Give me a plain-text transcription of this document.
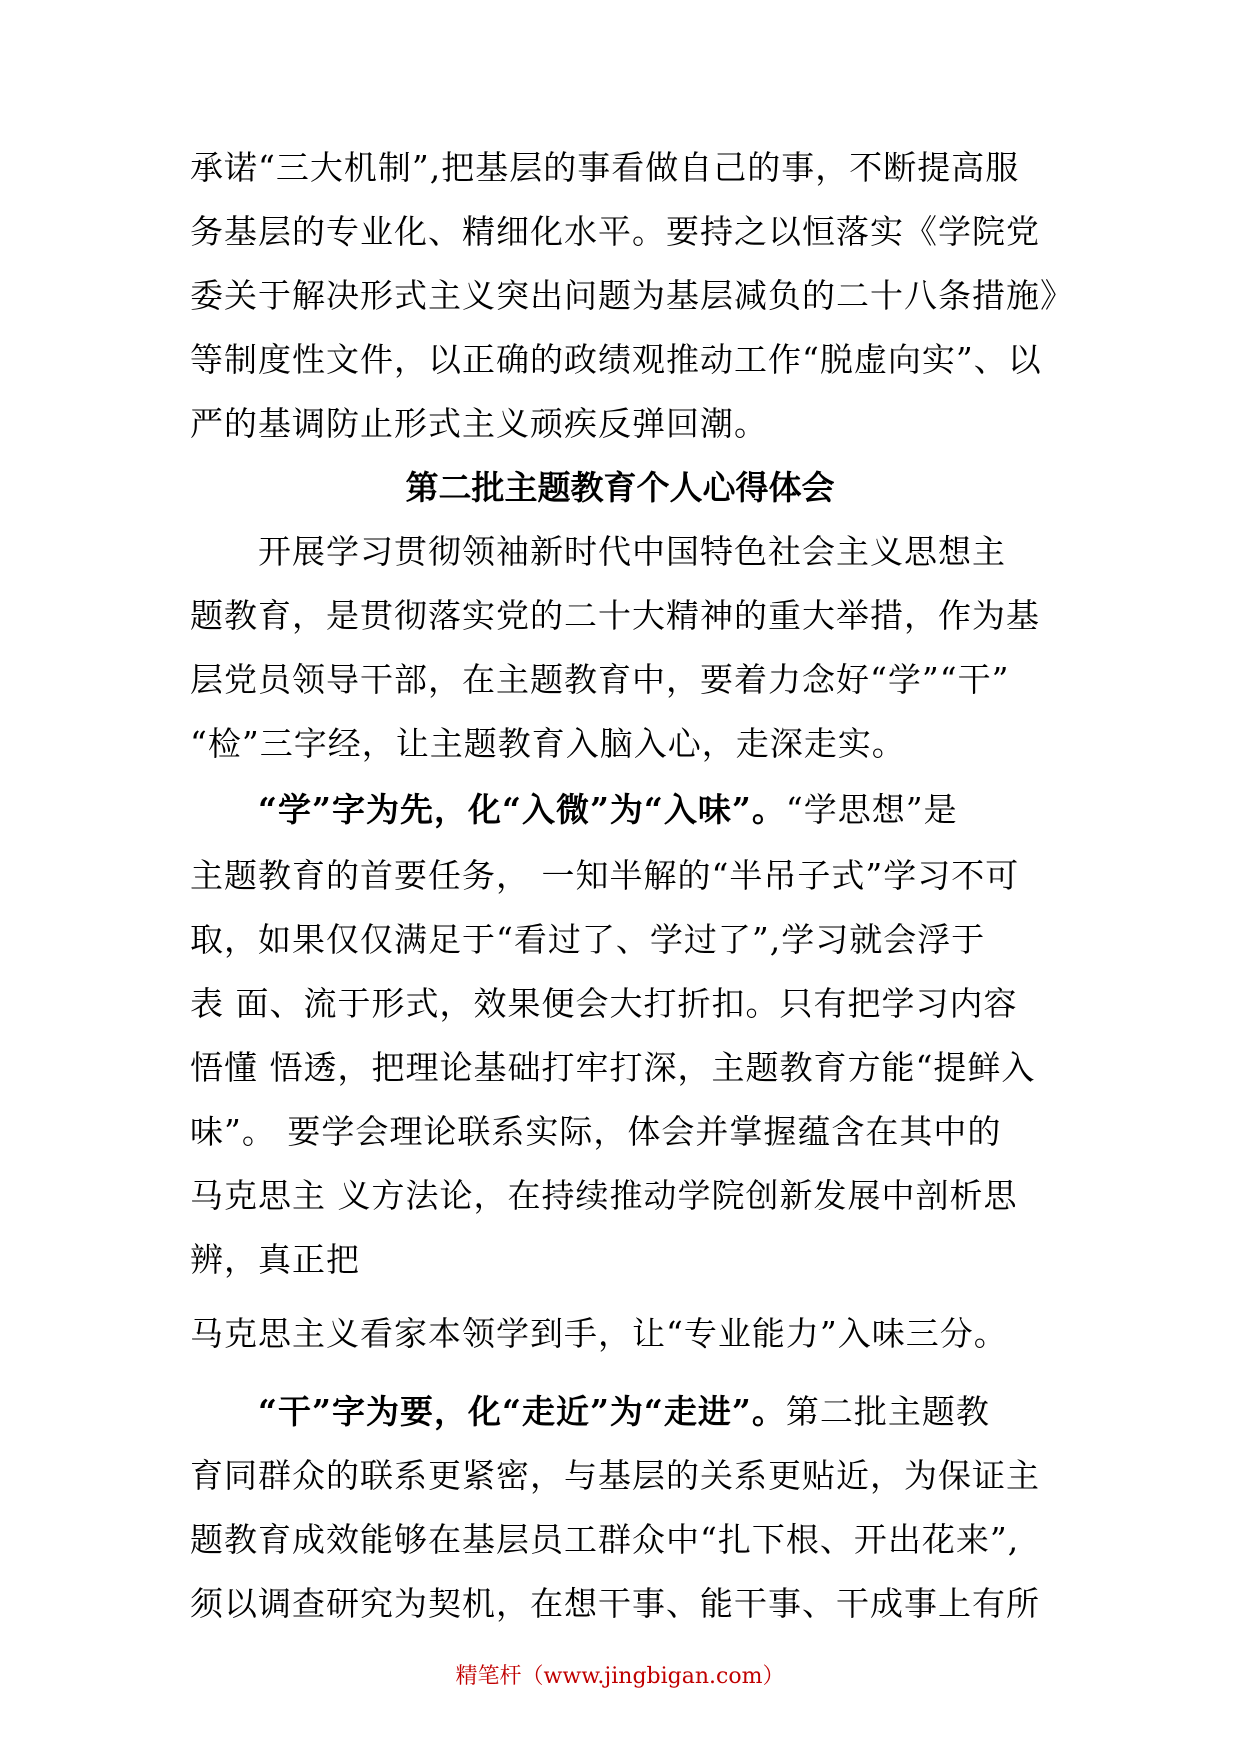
承诺“三大机制”,把基层的事看做自己的事，不断提高服
务基层的专业化、精细化水平。要持之以恒落实《学院党
委关于解决形式主义突出问题为基层减负的二十八条措施》
等制度性文件，以正确的政绩观推动工作“脱虚向实”、以
严的基调防止形式主义顽疾反弹回潮。
第二批主题教育个人心得体会
开展学习贯彻领袖新时代中国特色社会主义思想主
题教育，是贯彻落实党的二十大精神的重大举措，作为基
层党员领导干部，在主题教育中，要着力念好“学”“干”
“检”三字经，让主题教育入脑入心，走深走实。
“学”字为先，化“入微”为“入味”。“学思想”是
主题教育的首要任务， 一知半解的“半吊子式”学习不可
取，如果仅仅满足于“看过了、学过了”,学习就会浮于
表 面、流于形式，效果便会大打折扣。只有把学习内容
悟懂 悟透，把理论基础打牢打深，主题教育方能“提鲜入
味”。 要学会理论联系实际，体会并掌握蕴含在其中的
马克思主 义方法论，在持续推动学院创新发展中剖析思
辨，真正把
马克思主义看家本领学到手，让“专业能力”入味三分。
“干”字为要，化“走近”为“走进”。第二批主题教
育同群众的联系更紧密，与基层的关系更贴近，为保证主
题教育成效能够在基层员工群众中“扎下根、开出花来”,
须以调查研究为契机，在想干事、能干事、干成事上有所
精笔杆（www.jingbigan.com）
